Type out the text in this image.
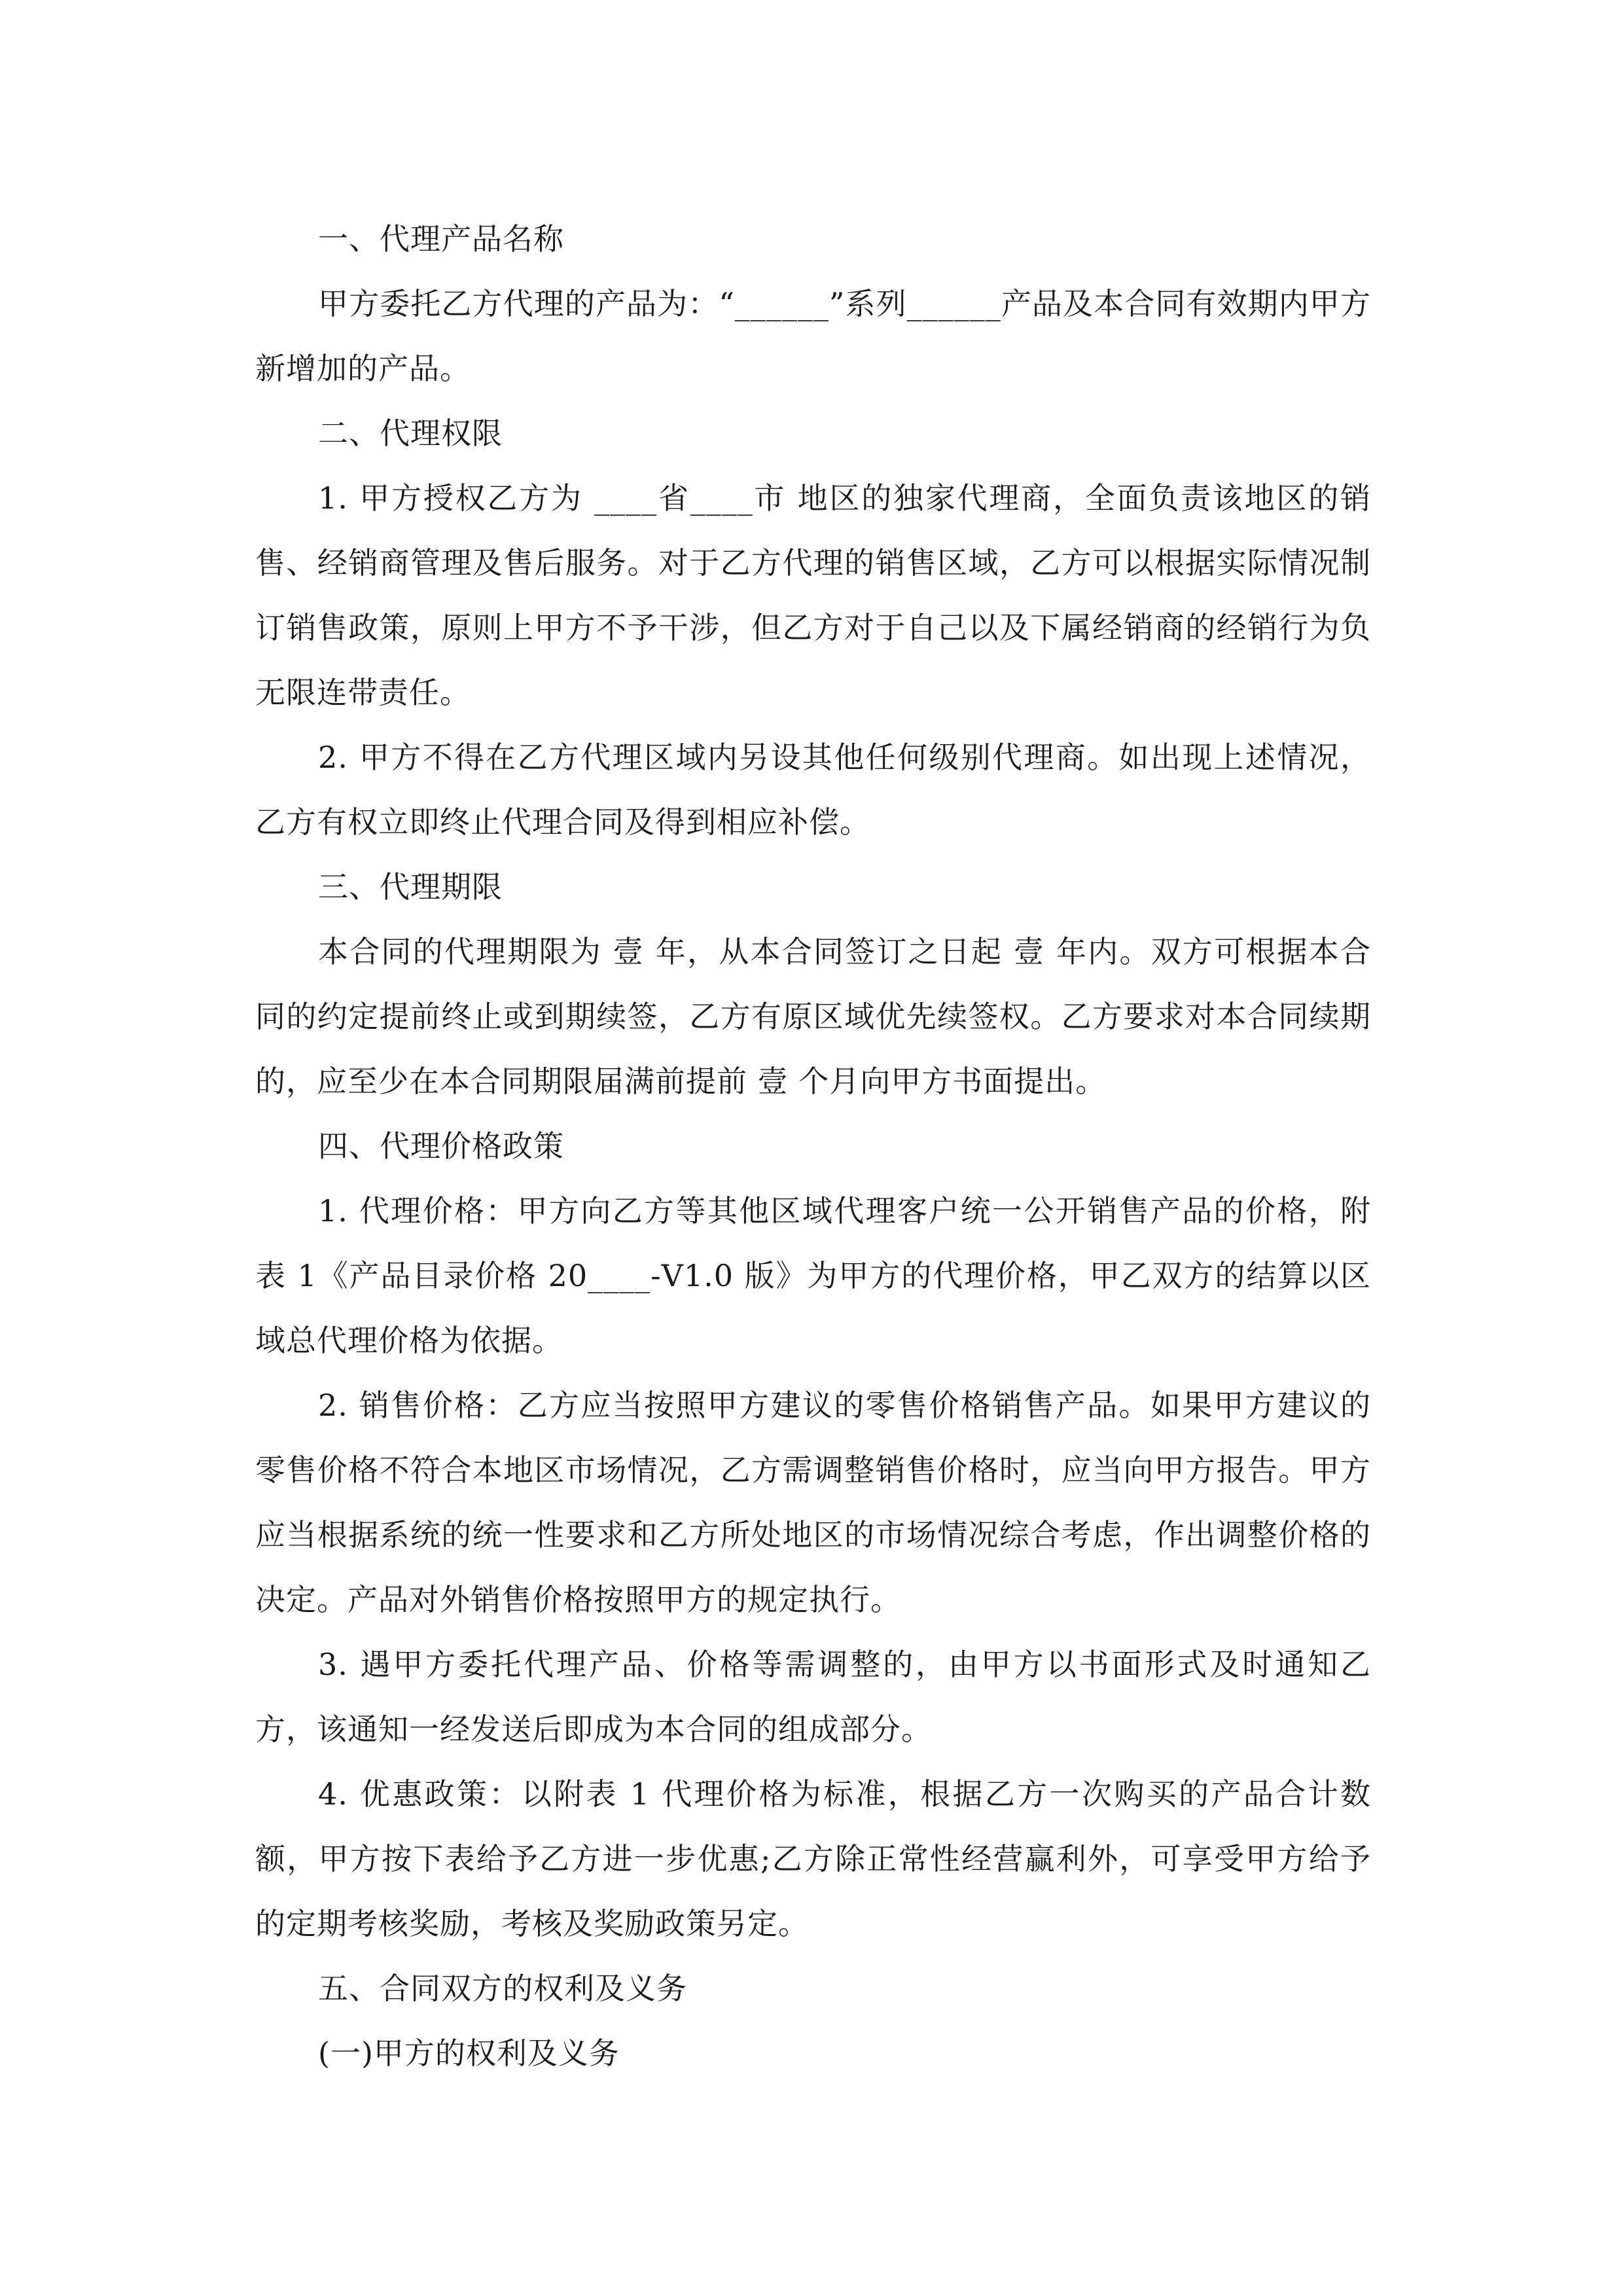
一、代理产品名称

甲方委托乙方代理的产品为：“______”系列______产品及本合同有效期内甲方新增加的产品。

二、代理权限

1. 甲方授权乙方为 ____省____市 地区的独家代理商，全面负责该地区的销售、经销商管理及售后服务。对于乙方代理的销售区域，乙方可以根据实际情况制订销售政策，原则上甲方不予干涉，但乙方对于自己以及下属经销商的经销行为负无限连带责任。

2. 甲方不得在乙方代理区域内另设其他任何级别代理商。如出现上述情况，乙方有权立即终止代理合同及得到相应补偿。

三、代理期限

本合同的代理期限为 壹 年，从本合同签订之日起 壹 年内。双方可根据本合同的约定提前终止或到期续签，乙方有原区域优先续签权。乙方要求对本合同续期的，应至少在本合同期限届满前提前 壹 个月向甲方书面提出。

四、代理价格政策

1. 代理价格：甲方向乙方等其他区域代理客户统一公开销售产品的价格，附表 1《产品目录价格 20____-V1.0 版》为甲方的代理价格，甲乙双方的结算以区域总代理价格为依据。

2. 销售价格：乙方应当按照甲方建议的零售价格销售产品。如果甲方建议的零售价格不符合本地区市场情况，乙方需调整销售价格时，应当向甲方报告。甲方应当根据系统的统一性要求和乙方所处地区的市场情况综合考虑，作出调整价格的决定。产品对外销售价格按照甲方的规定执行。

3. 遇甲方委托代理产品、价格等需调整的，由甲方以书面形式及时通知乙方，该通知一经发送后即成为本合同的组成部分。

4. 优惠政策：以附表 1 代理价格为标准，根据乙方一次购买的产品合计数额，甲方按下表给予乙方进一步优惠;乙方除正常性经营赢利外，可享受甲方给予的定期考核奖励，考核及奖励政策另定。

五、合同双方的权利及义务

(一)甲方的权利及义务
